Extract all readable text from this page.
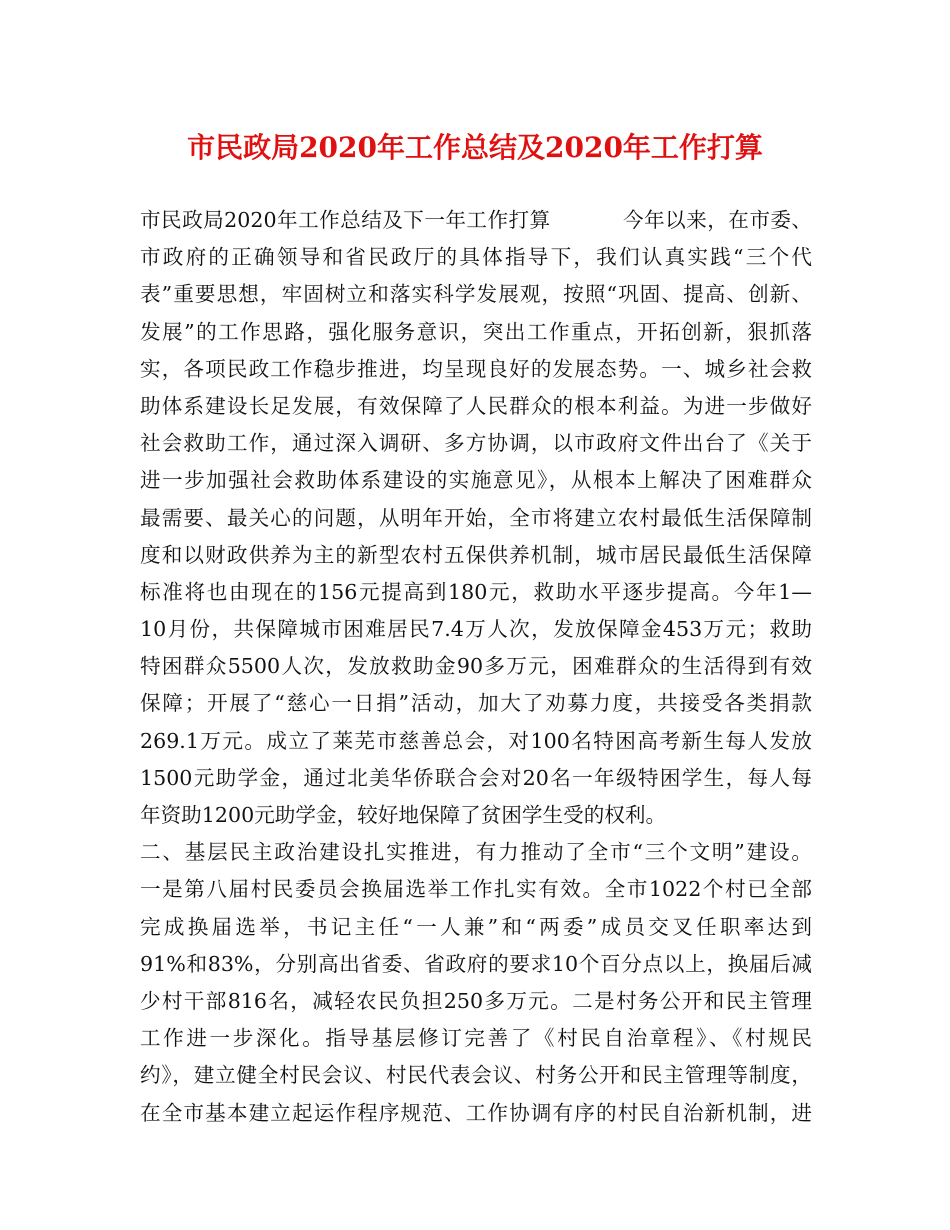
市民政局2020年工作总结及2020年工作打算
市民政局2020年工作总结及下一年工作打算	今年以来，在市委、
市政府的正确领导和省民政厅的具体指导下，我们认真实践“三个代
表”重要思想，牢固树立和落实科学发展观，按照“巩固、提高、创新、
发展”的工作思路，强化服务意识，突出工作重点，开拓创新，狠抓落
实，各项民政工作稳步推进，均呈现良好的发展态势。一、城乡社会救
助体系建设长足发展，有效保障了人民群众的根本利益。为进一步做好
社会救助工作，通过深入调研、多方协调，以市政府文件出台了《关于
进一步加强社会救助体系建设的实施意见》，从根本上解决了困难群众
最需要、最关心的问题，从明年开始，全市将建立农村最低生活保障制
度和以财政供养为主的新型农村五保供养机制，城市居民最低生活保障
标准将也由现在的156元提高到180元，救助水平逐步提高。今年1—
10月份，共保障城市困难居民7.4万人次，发放保障金453万元；救助
特困群众5500人次，发放救助金90多万元，困难群众的生活得到有效
保障；开展了“慈心一日捐”活动，加大了劝募力度，共接受各类捐款
269.1万元。成立了莱芜市慈善总会，对100名特困高考新生每人发放
1500元助学金，通过北美华侨联合会对20名一年级特困学生，每人每
年资助1200元助学金，较好地保障了贫困学生受的权利。
二、基层民主政治建设扎实推进，有力推动了全市“三个文明”建设。
一是第八届村民委员会换届选举工作扎实有效。全市1022个村已全部
完成换届选举，书记主任“一人兼”和“两委”成员交叉任职率达到
91%和83%，分别高出省委、省政府的要求10个百分点以上，换届后减
少村干部816名，减轻农民负担250多万元。二是村务公开和民主管理
工作进一步深化。指导基层修订完善了《村民自治章程》、《村规民
约》，建立健全村民会议、村民代表会议、村务公开和民主管理等制度，
在全市基本建立起运作程序规范、工作协调有序的村民自治新机制，进
